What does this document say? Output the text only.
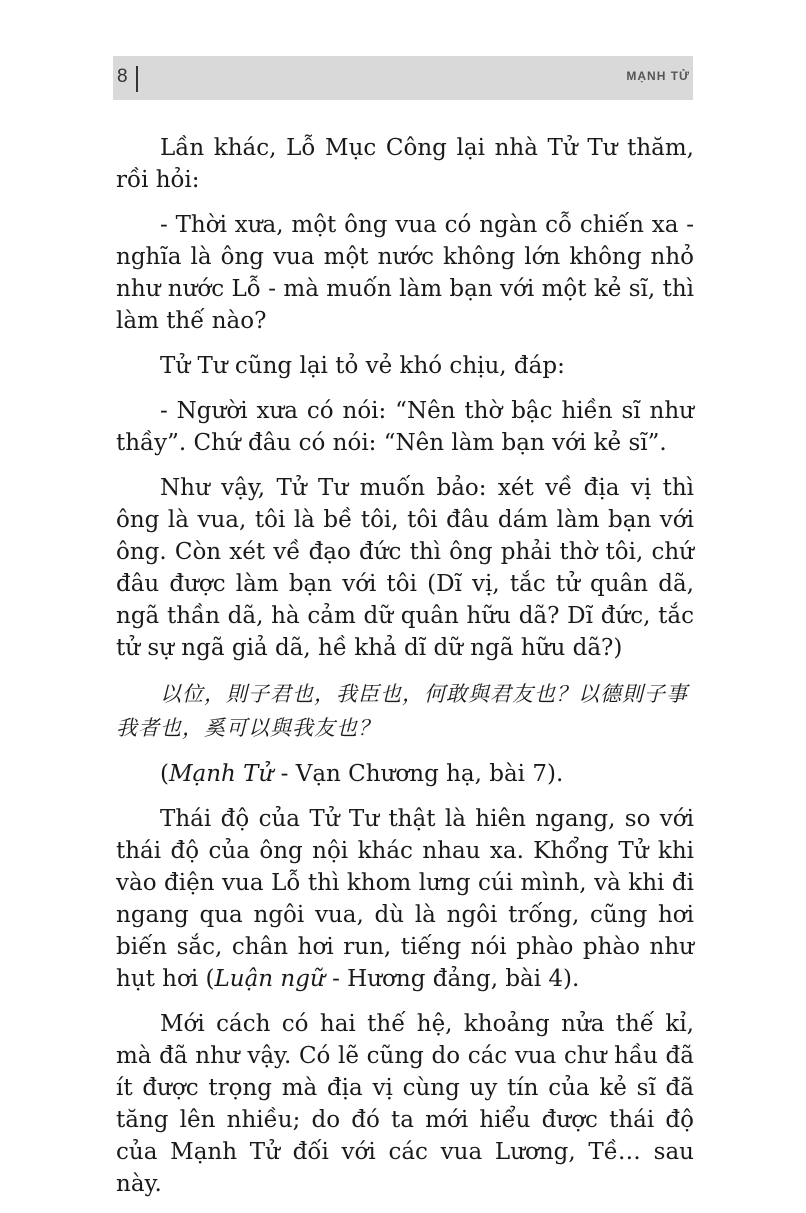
8	MẠNH TỬ

Lần khác, Lỗ Mục Công lại nhà Tử Tư thăm, rồi hỏi:

- Thời xưa, một ông vua có ngàn cỗ chiến xa - nghĩa là ông vua một nước không lớn không nhỏ như nước Lỗ - mà muốn làm bạn với một kẻ sĩ, thì làm thế nào?

Tử Tư cũng lại tỏ vẻ khó chịu, đáp:

- Người xưa có nói: “Nên thờ bậc hiền sĩ như thầy”. Chứ đâu có nói: “Nên làm bạn với kẻ sĩ”.

Như vậy, Tử Tư muốn bảo: xét về địa vị thì ông là vua, tôi là bề tôi, tôi đâu dám làm bạn với ông. Còn xét về đạo đức thì ông phải thờ tôi, chứ đâu được làm bạn với tôi (Dĩ vị, tắc tử quân dã, ngã thần dã, hà cảm dữ quân hữu dã? Dĩ đức, tắc tử sự ngã giả dã, hề khả dĩ dữ ngã hữu dã?)

以位，則子君也，我臣也，何敢與君友也？以德則子事我者也，奚可以與我友也？

(Mạnh Tử - Vạn Chương hạ, bài 7).

Thái độ của Tử Tư thật là hiên ngang, so với thái độ của ông nội khác nhau xa. Khổng Tử khi vào điện vua Lỗ thì khom lưng cúi mình, và khi đi ngang qua ngôi vua, dù là ngôi trống, cũng hơi biến sắc, chân hơi run, tiếng nói phào phào như hụt hơi (Luận ngữ - Hương đảng, bài 4).

Mới cách có hai thế hệ, khoảng nửa thế kỉ, mà đã như vậy. Có lẽ cũng do các vua chư hầu đã ít được trọng mà địa vị cùng uy tín của kẻ sĩ đã tăng lên nhiều; do đó ta mới hiểu được thái độ của Mạnh Tử đối với các vua Lương, Tề… sau này.
